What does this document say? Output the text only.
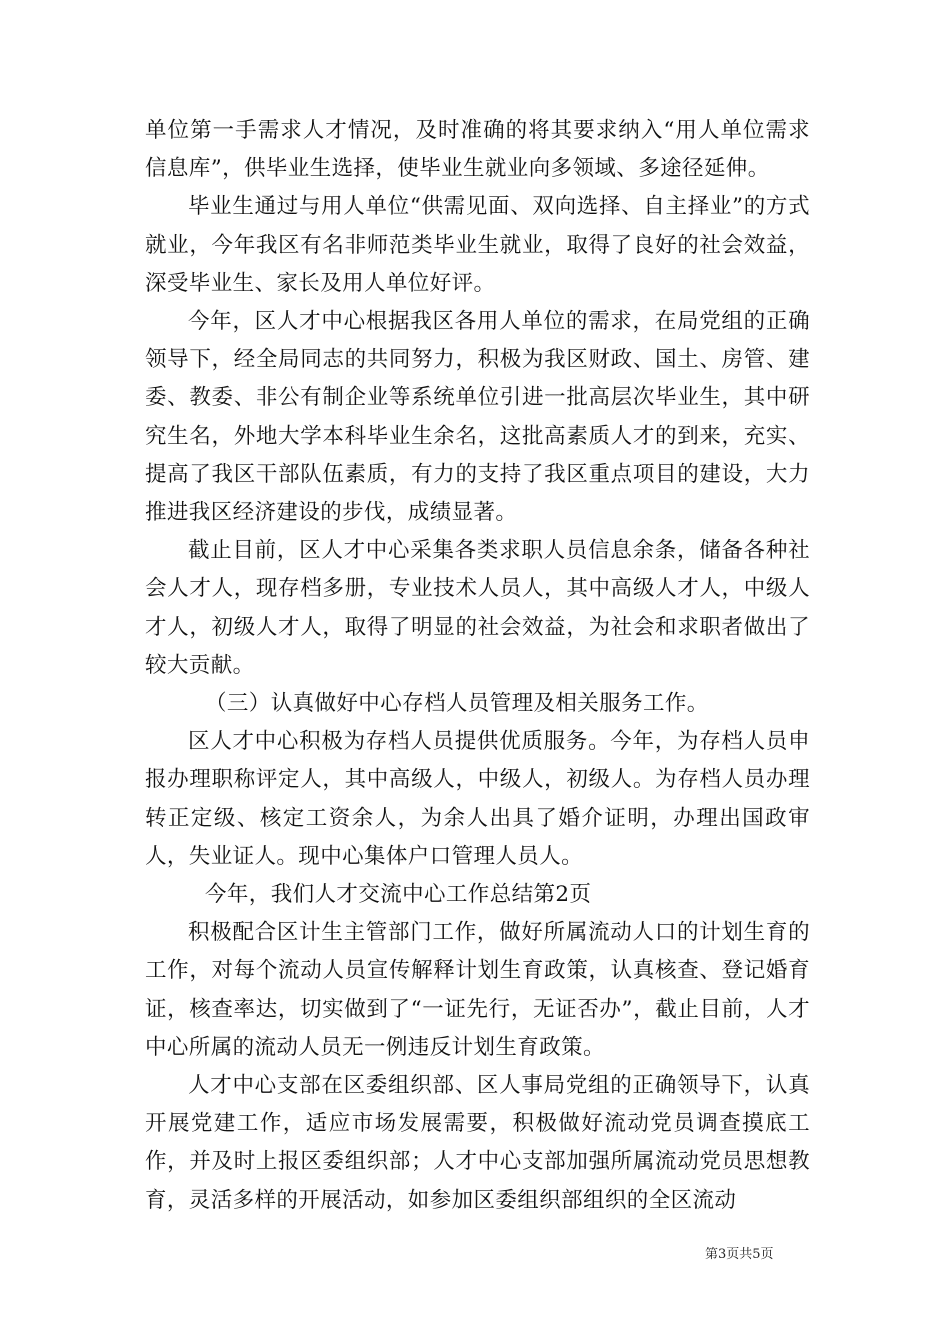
单位第一手需求人才情况，及时准确的将其要求纳入“用人单位需求信息库”，供毕业生选择，使毕业生就业向多领域、多途径延伸。

毕业生通过与用人单位“供需见面、双向选择、自主择业”的方式就业，今年我区有名非师范类毕业生就业，取得了良好的社会效益，深受毕业生、家长及用人单位好评。

今年，区人才中心根据我区各用人单位的需求，在局党组的正确领导下，经全局同志的共同努力，积极为我区财政、国土、房管、建委、教委、非公有制企业等系统单位引进一批高层次毕业生，其中研究生名，外地大学本科毕业生余名，这批高素质人才的到来，充实、提高了我区干部队伍素质，有力的支持了我区重点项目的建设，大力推进我区经济建设的步伐，成绩显著。

截止目前，区人才中心采集各类求职人员信息余条，储备各种社会人才人，现存档多册，专业技术人员人，其中高级人才人，中级人才人，初级人才人，取得了明显的社会效益，为社会和求职者做出了较大贡献。

（三）认真做好中心存档人员管理及相关服务工作。

区人才中心积极为存档人员提供优质服务。今年，为存档人员申报办理职称评定人，其中高级人，中级人，初级人。为存档人员办理转正定级、核定工资余人，为余人出具了婚介证明，办理出国政审人，失业证人。现中心集体户口管理人员人。

今年，我们人才交流中心工作总结第2页

积极配合区计生主管部门工作，做好所属流动人口的计划生育的工作，对每个流动人员宣传解释计划生育政策，认真核查、登记婚育证，核查率达，切实做到了“一证先行，无证否办”，截止目前，人才中心所属的流动人员无一例违反计划生育政策。

人才中心支部在区委组织部、区人事局党组的正确领导下，认真开展党建工作，适应市场发展需要，积极做好流动党员调查摸底工作，并及时上报区委组织部；人才中心支部加强所属流动党员思想教育，灵活多样的开展活动，如参加区委组织部组织的全区流动

第3页共5页
